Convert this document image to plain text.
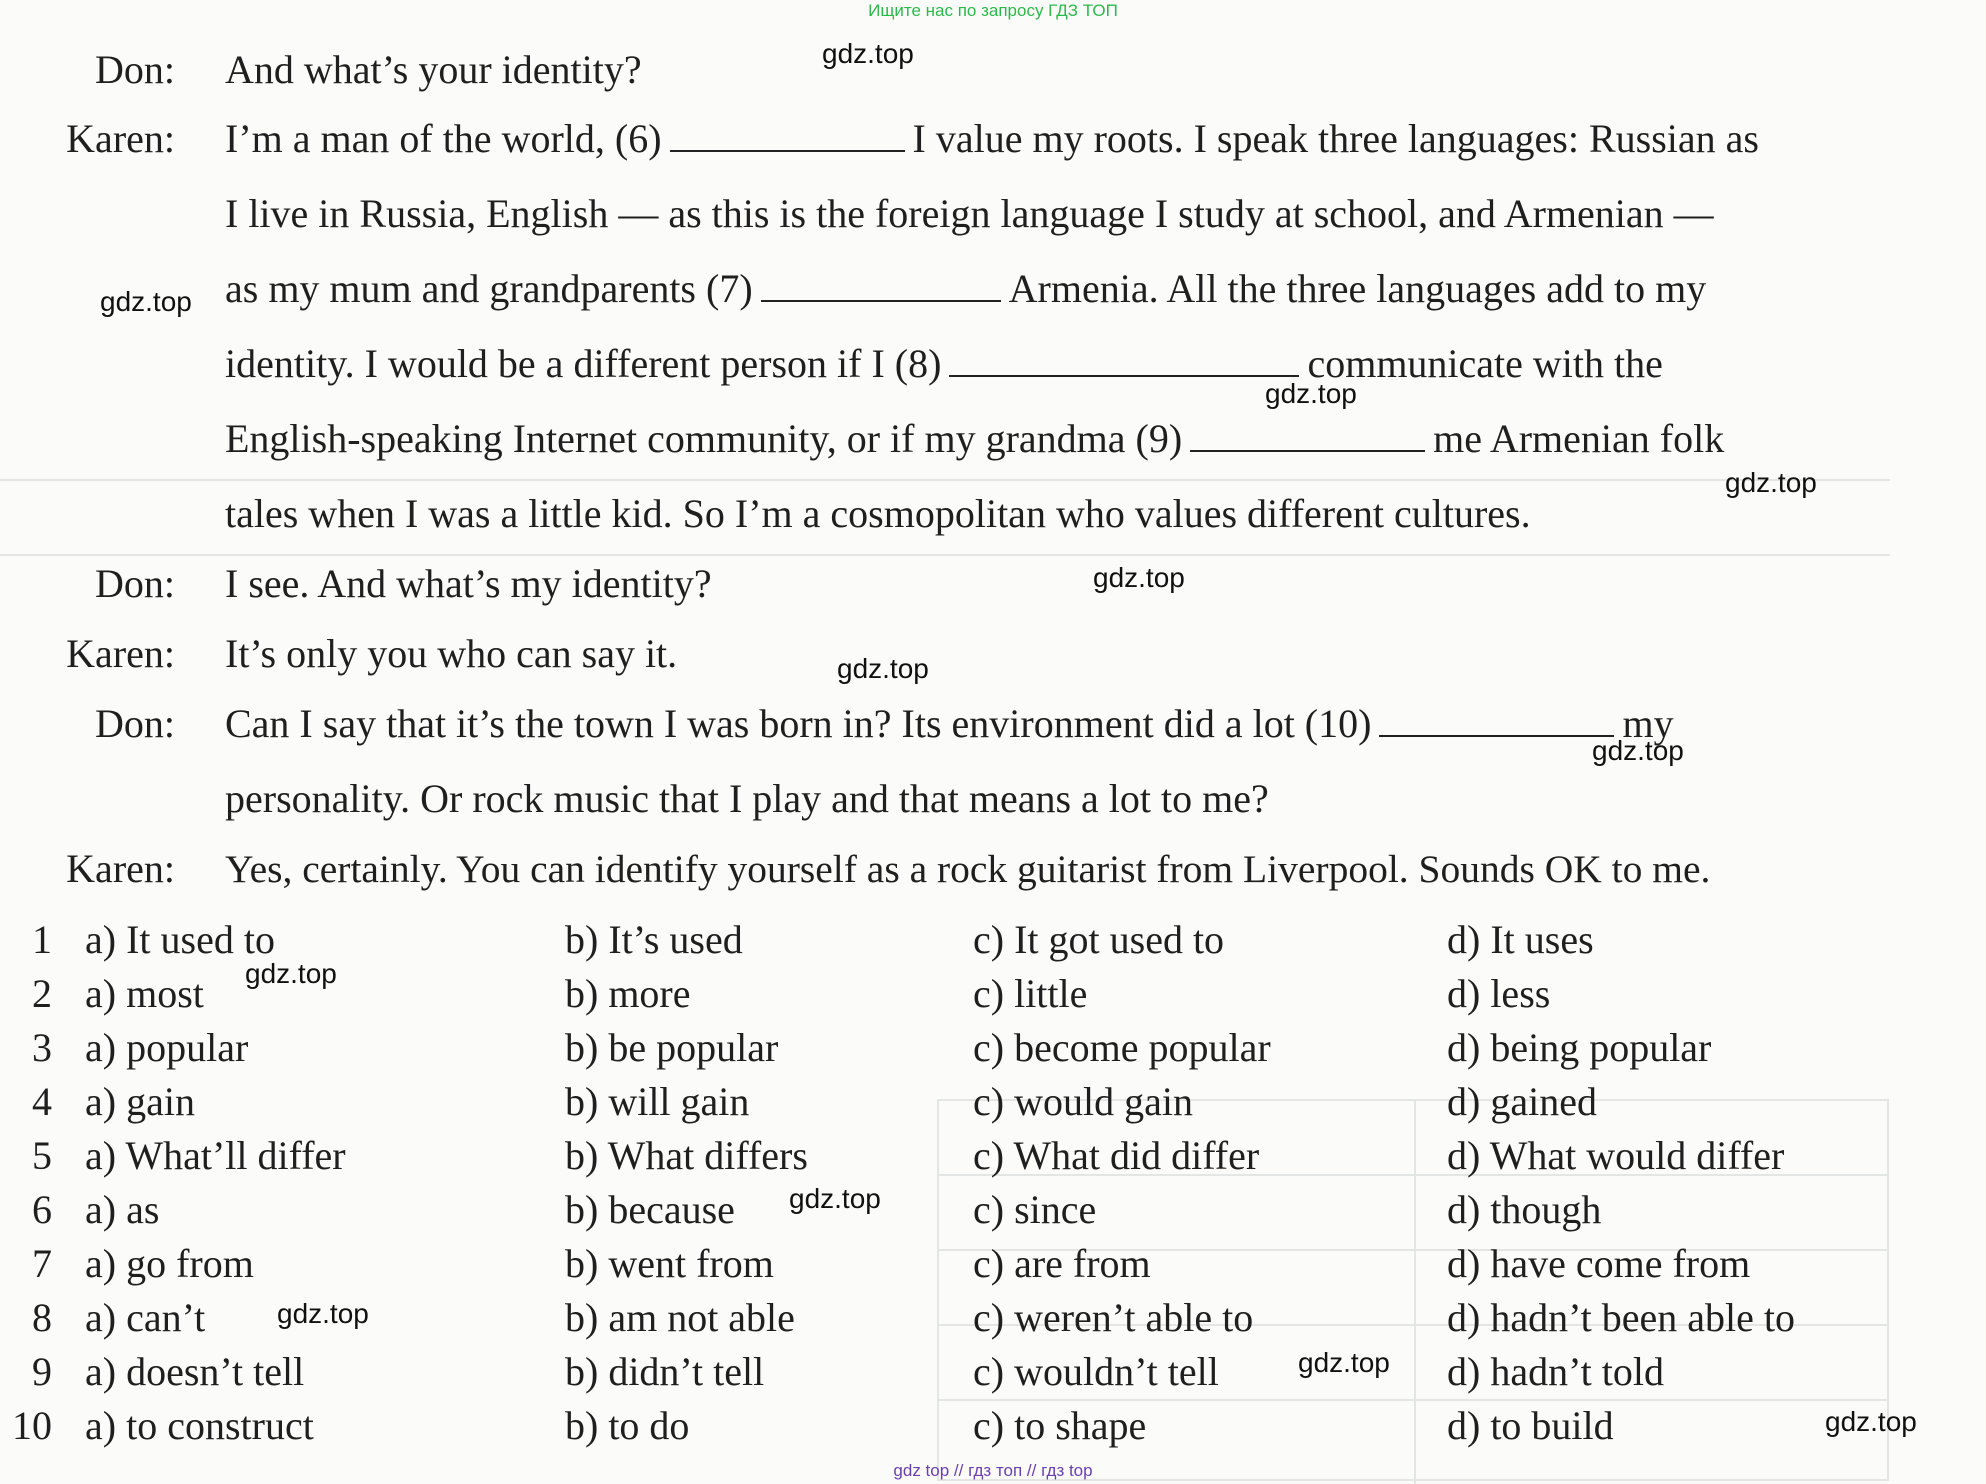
Ищите нас по запросу ГДЗ ТОП
Don: And what’s your identity?
Karen: I’m a man of the world, (6)	I value my roots. I speak three languages: Russian as
I live in Russia, English — as this is the foreign language I study at school, and Armenian —
as my mum and grandparents (7)	Armenia. All the three languages add to my
identity. I would be a different person if I (8)	communicate with the
English-speaking Internet community, or if my grandma (9)	me Armenian folk
tales when I was a little kid. So I’m a cosmopolitan who values different cultures.
Don: I see. And what’s my identity?
Karen: It’s only you who can say it.
Don: Can I say that it’s the town I was born in? Its environment did a lot (10)	my
personality. Or rock music that I play and that means a lot to me?
Karen: Yes, certainly. You can identify yourself as a rock guitarist from Liverpool. Sounds OK to me.
1 a) It used to	b) It’s used	c) It got used to	d) It uses
2 a) most	b) more	c) little	d) less
3 a) popular	b) be popular	c) become popular	d) being popular
4 a) gain	b) will gain	c) would gain	d) gained
5 a) What’ll differ	b) What differs	c) What did differ	d) What would differ
6 a) as	b) because	c) since	d) though
7 a) go from	b) went from	c) are from	d) have come from
8 a) can’t	b) am not able	c) weren’t able to	d) hadn’t been able to
9 a) doesn’t tell	b) didn’t tell	c) wouldn’t tell	d) hadn’t told
10 a) to construct	b) to do	c) to shape	d) to build
gdz.top
gdz.top
gdz.top
gdz.top
gdz.top
gdz.top
gdz.top
gdz.top
gdz.top
gdz.top
gdz.top
gdz.top
gdz top // гдз топ // гдз top
